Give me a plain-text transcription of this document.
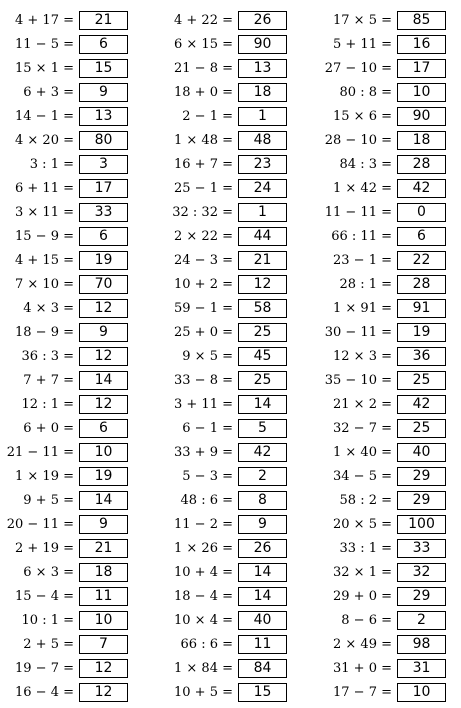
4 + 17 =	21
11 − 5 =	6
15 × 1 =	15
6 + 3 =	9
14 − 1 =	13
4 × 20 =	80
3 : 1 =	3
6 + 11 =	17
3 × 11 =	33
15 − 9 =	6
4 + 15 =	19
7 × 10 =	70
4 × 3 =	12
18 − 9 =	9
36 : 3 =	12
7 + 7 =	14
12 : 1 =	12
6 + 0 =	6
21 − 11 =	10
1 × 19 =	19
9 + 5 =	14
20 − 11 =	9
2 + 19 =	21
6 × 3 =	18
15 − 4 =	11
10 : 1 =	10
2 + 5 =	7
19 − 7 =	12
16 − 4 =	12
4 + 22 =	26
6 × 15 =	90
21 − 8 =	13
18 + 0 =	18
2 − 1 =	1
1 × 48 =	48
16 + 7 =	23
25 − 1 =	24
32 : 32 =	1
2 × 22 =	44
24 − 3 =	21
10 + 2 =	12
59 − 1 =	58
25 + 0 =	25
9 × 5 =	45
33 − 8 =	25
3 + 11 =	14
6 − 1 =	5
33 + 9 =	42
5 − 3 =	2
48 : 6 =	8
11 − 2 =	9
1 × 26 =	26
10 + 4 =	14
18 − 4 =	14
10 × 4 =	40
66 : 6 =	11
1 × 84 =	84
10 + 5 =	15
17 × 5 =	85
5 + 11 =	16
27 − 10 =	17
80 : 8 =	10
15 × 6 =	90
28 − 10 =	18
84 : 3 =	28
1 × 42 =	42
11 − 11 =	0
66 : 11 =	6
23 − 1 =	22
28 : 1 =	28
1 × 91 =	91
30 − 11 =	19
12 × 3 =	36
35 − 10 =	25
21 × 2 =	42
32 − 7 =	25
1 × 40 =	40
34 − 5 =	29
58 : 2 =	29
20 × 5 =	100
33 : 1 =	33
32 × 1 =	32
29 + 0 =	29
8 − 6 =	2
2 × 49 =	98
31 + 0 =	31
17 − 7 =	10
